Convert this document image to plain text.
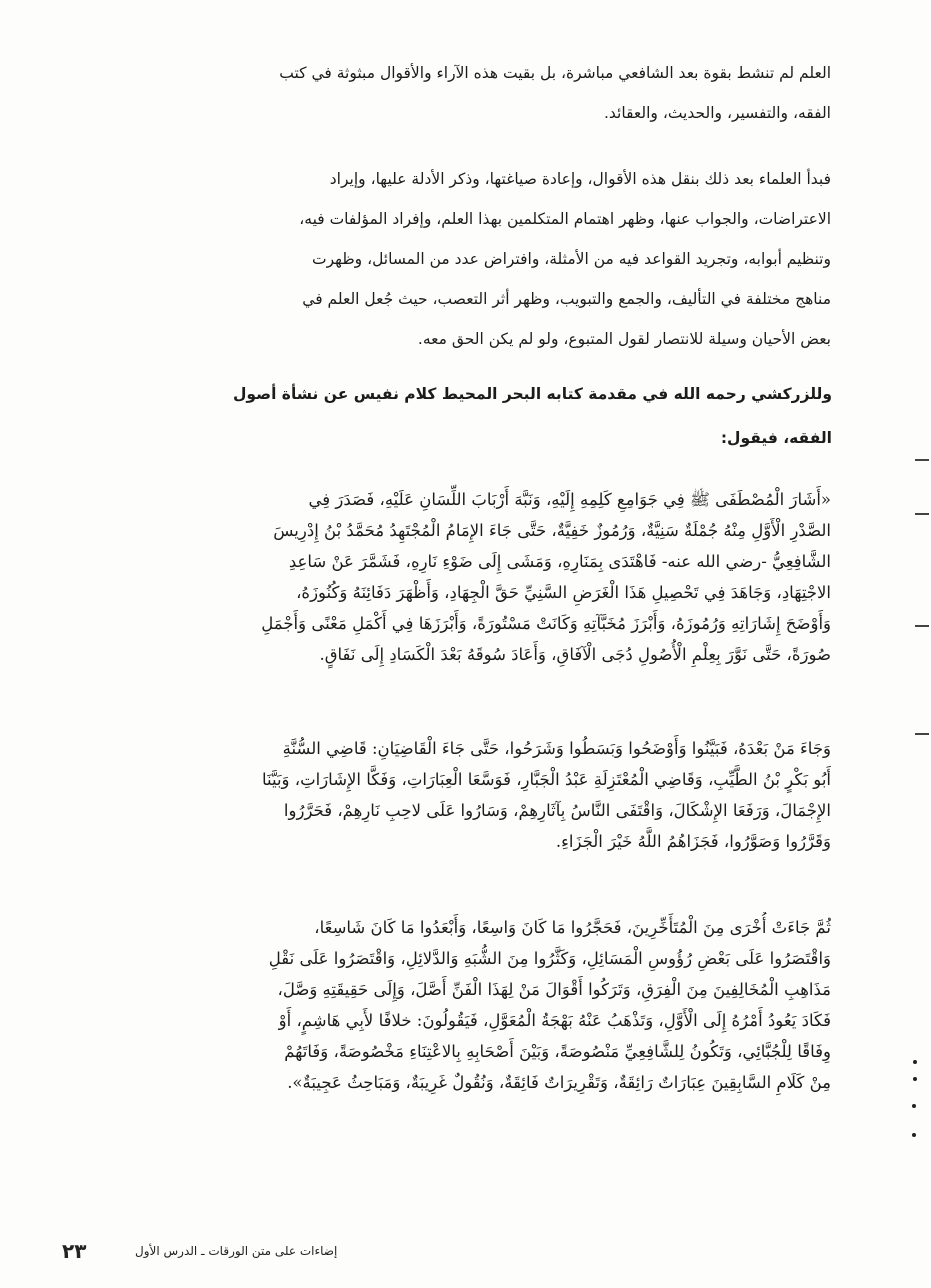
العلم لم تنشط بقوة بعد الشافعي مباشرة، بل بقيت هذه الآراء والأقوال مبثوثة في كتب
الفقه، والتفسير، والحديث، والعقائد.

فبدأ العلماء بعد ذلك بنقل هذه الأقوال، وإعادة صياغتها، وذكر الأدلة عليها، وإيراد
الاعتراضات، والجواب عنها، وظهر اهتمام المتكلمين بهذا العلم، وإفراد المؤلفات فيه،
وتنظيم أبوابه، وتجريد القواعد فيه من الأمثلة، وافتراض عدد من المسائل، وظهرت
مناهج مختلفة في التأليف، والجمع والتبويب، وظهر أثر التعصب، حيث جُعل العلم في
بعض الأحيان وسيلة للانتصار لقول المتبوع، ولو لم يكن الحق معه.

وللزركشي رحمه الله في مقدمة كتابه البحر المحيط كلام نفيس عن نشأة أصول
الفقه، فيقول:

«أَشَارَ الْمُصْطَفَى ﷺ فِي جَوَامِعِ كَلِمِهِ إِلَيْهِ، وَنَبَّهَ أَرْبَابَ اللِّسَانِ عَلَيْهِ، فَصَدَرَ فِي
الصَّدْرِ الْأَوَّلِ مِنْهُ جُمْلَةٌ سَنِيَّةٌ، وَرُمُوزٌ خَفِيَّةٌ، حَتَّى جَاءَ الإِمَامُ الْمُجْتَهِدُ مُحَمَّدُ بْنُ إِدْرِيسَ
الشَّافِعِيُّ -رضي الله عنه- فَاهْتَدَى بِمَنَارِهِ، وَمَشَى إِلَى ضَوْءِ نَارِهِ، فَشَمَّرَ عَنْ سَاعِدِ
الاجْتِهَادِ، وَجَاهَدَ فِي تَحْصِيلِ هَذَا الْغَرَضِ السَّنِيِّ حَقَّ الْجِهَادِ، وَأَظْهَرَ دَفَائِنَهُ وَكُنُوزَهُ،
وَأَوْضَحَ إِشَارَاتِهِ وَرُمُوزَهُ، وَأَبْرَزَ مُخَبَّآتِهِ وَكَانَتْ مَسْتُورَةً، وَأَبْرَزَهَا فِي أَكْمَلِ مَعْنًى وَأَجْمَلِ
صُورَةً، حَتَّى نَوَّرَ بِعِلْمِ الْأُصُولِ دُجَى الْآفَاقِ، وَأَعَادَ سُوقَهُ بَعْدَ الْكَسَادِ إِلَى نَفَاقٍ.

وَجَاءَ مَنْ بَعْدَهُ، فَبَيَّنُوا وَأَوْضَحُوا وَبَسَطُوا وَشَرَحُوا، حَتَّى جَاءَ الْقَاضِيَانِ: قَاضِي السُّنَّةِ
أَبُو بَكْرٍ بْنُ الطَّيِّبِ، وَقَاضِي الْمُعْتَزِلَةِ عَبْدُ الْجَبَّارِ، فَوَسَّعَا الْعِبَارَاتِ، وَفَكَّا الإِشَارَاتِ، وَبَيَّنَا
الإِجْمَالَ، وَرَفَعَا الإِشْكَالَ، وَاقْتَفَى النَّاسُ بِآثَارِهِمْ، وَسَارُوا عَلَى لاحِبِ نَارِهِمْ، فَحَرَّرُوا
وَقَرَّرُوا وَصَوَّرُوا، فَجَزَاهُمُ اللَّهُ خَيْرَ الْجَزَاءِ.

ثُمَّ جَاءَتْ أُخْرَى مِنَ الْمُتَأَخِّرِينَ، فَحَجَّرُوا مَا كَانَ وَاسِعًا، وَأَبْعَدُوا مَا كَانَ شَاسِعًا،
وَاقْتَصَرُوا عَلَى بَعْضِ رُؤُوسِ الْمَسَائِلِ، وَكَثَّرُوا مِنَ الشُّبَهِ وَالدَّلائِلِ، وَاقْتَصَرُوا عَلَى نَقْلِ
مَذَاهِبِ الْمُخَالِفِينَ مِنَ الْفِرَقِ، وَتَرَكُوا أَقْوَالَ مَنْ لِهَذَا الْفَنِّ أَصَّلَ، وَإِلَى حَقِيقَتِهِ وَصَّلَ،
فَكَادَ يَعُودُ أَمْرُهُ إِلَى الْأَوَّلِ، وَتَذْهَبُ عَنْهُ بَهْجَةُ الْمُعَوَّلِ، فَيَقُولُونَ: خلافًا لأَبِي هَاشِمٍ، أَوْ
وِفَاقًا لِلْجُبَّائِي، وَتَكُونُ لِلشَّافِعِيِّ مَنْصُوصَةً، وَبَيْنَ أَصْحَابِهِ بِالاعْتِنَاءِ مَخْصُوصَةً، وَفَاتَهُمْ
مِنْ كَلَامِ السَّابِقِينَ عِبَارَاتٌ رَائِقَةٌ، وَتَقْرِيرَاتٌ فَائِقَةٌ، وَنُقُولٌ غَرِيبَةٌ، وَمَبَاحِثُ عَجِيبَةٌ».

٢٣	إضاءات على متن الورقات ـ الدرس الأول
